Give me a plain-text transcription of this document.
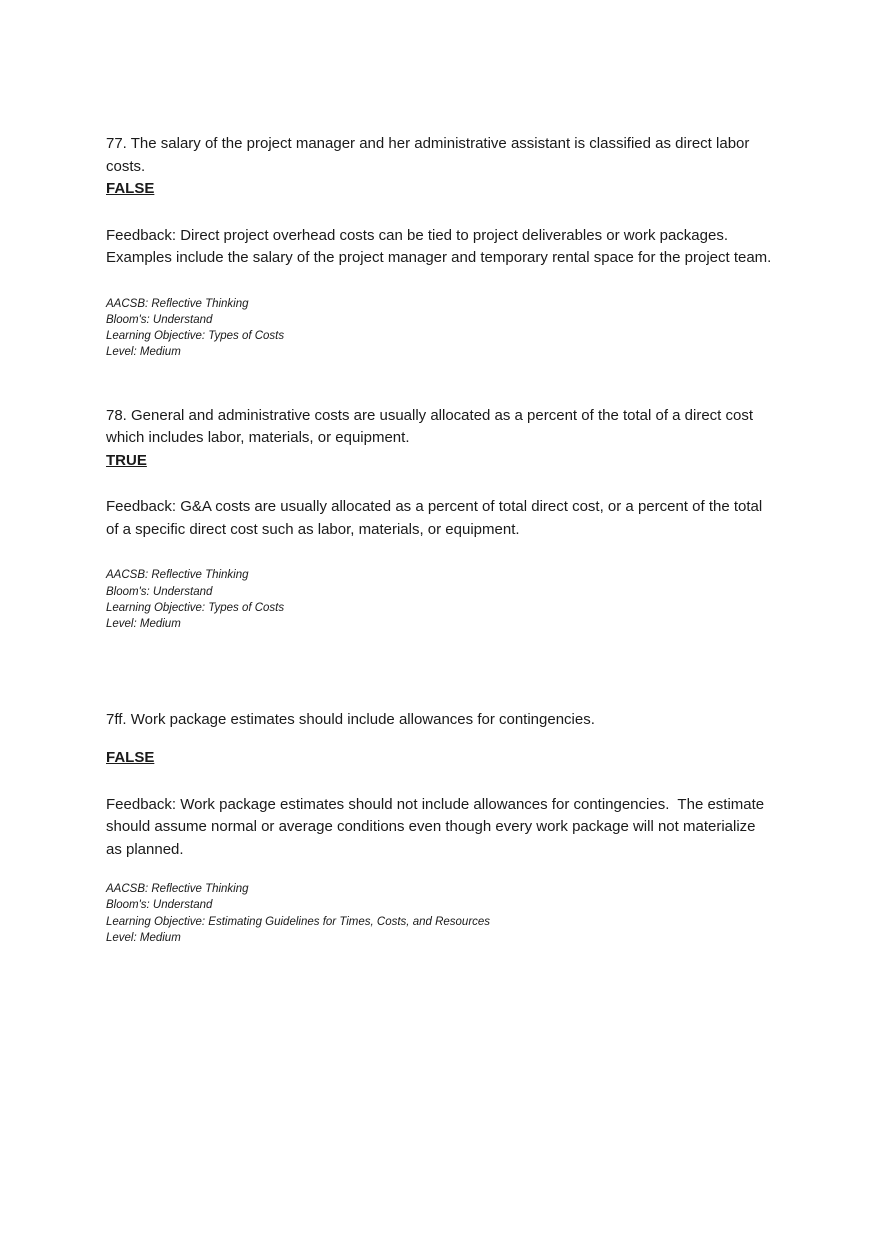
77. The salary of the project manager and her administrative assistant is classified as direct labor costs.
FALSE
Feedback: Direct project overhead costs can be tied to project deliverables or work packages. Examples include the salary of the project manager and temporary rental space for the project team.
AACSB: Reflective Thinking
Bloom's: Understand
Learning Objective: Types of Costs
Level: Medium
78. General and administrative costs are usually allocated as a percent of the total of a direct cost which includes labor, materials, or equipment.
TRUE
Feedback: G&A costs are usually allocated as a percent of total direct cost, or a percent of the total of a specific direct cost such as labor, materials, or equipment.
AACSB: Reflective Thinking
Bloom's: Understand
Learning Objective: Types of Costs
Level: Medium
7ff. Work package estimates should include allowances for contingencies.
FALSE
Feedback: Work package estimates should not include allowances for contingencies.  The estimate should assume normal or average conditions even though every work package will not materialize as planned.
AACSB: Reflective Thinking
Bloom's: Understand
Learning Objective: Estimating Guidelines for Times, Costs, and Resources
Level: Medium
